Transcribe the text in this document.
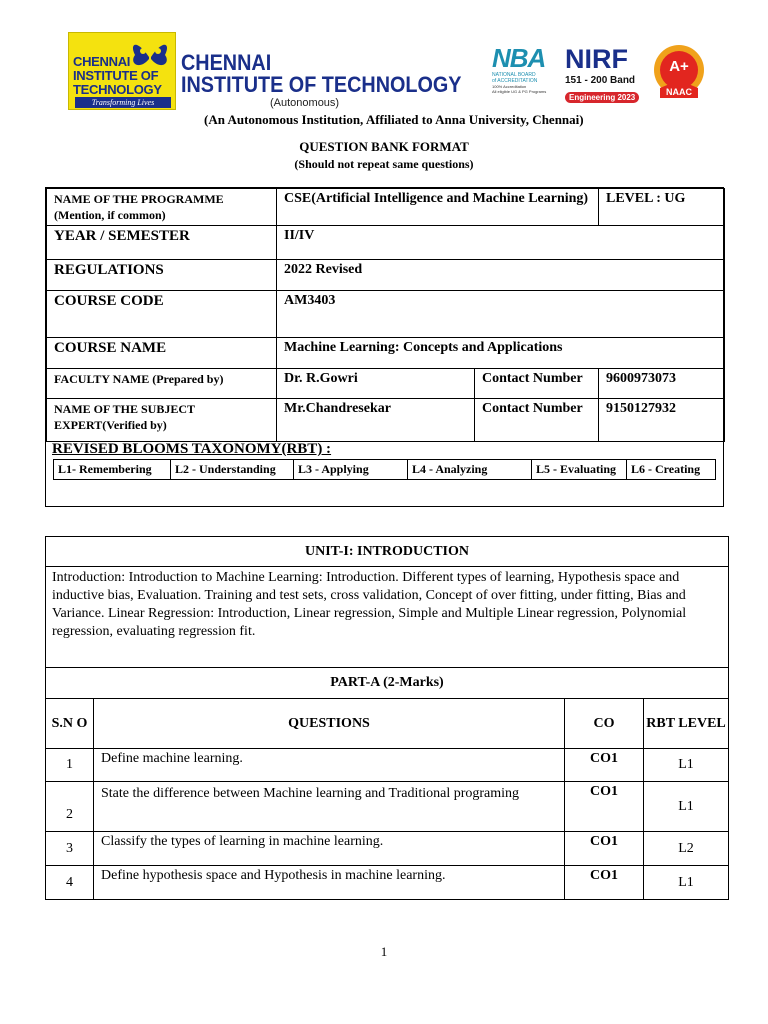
CHENNAI
INSTITUTE OF
TECHNOLOGY
Transforming Lives
CHENNAI
INSTITUTE OF TECHNOLOGY
(Autonomous)
(An Autonomous Institution, Affiliated to Anna University, Chennai)
NBA
NATIONAL BOARD
of ACCREDITATION
100% Accreditation
All eligible UG & PG Programs
NIRF
151 - 200 Band
Engineering 2023
A+
NAAC
QUESTION BANK FORMAT
(Should not repeat same questions)
NAME OF THE PROGRAMME
(Mention, if common)	CSE(Artificial Intelligence and Machine Learning)		LEVEL : UG
YEAR / SEMESTER	II/IV		
REGULATIONS	2022 Revised		
COURSE CODE	AM3403		
COURSE NAME	Machine Learning: Concepts and Applications		
FACULTY NAME (Prepared by)	Dr. R.Gowri	Contact Number	9600973073

NAME OF THE SUBJECT
EXPERT(Verified by)	Mr.Chandresekar	Contact Number	9150127932
REVISED BLOOMS TAXONOMY(RBT) :
L1- Remembering	L2 - Understanding	L3 - Applying	L4 - Analyzing	L5 - Evaluating	L6 - Creating
UNIT-I: INTRODUCTION			
Introduction: Introduction to Machine Learning: Introduction. Different types of learning, Hypothesis space and inductive bias, Evaluation. Training and test sets, cross validation, Concept of over fitting, under fitting, Bias and Variance. Linear Regression: Introduction, Linear regression, Simple and Multiple Linear regression, Polynomial regression, evaluating regression fit.			
PART-A (2-Marks)			
S.N O	QUESTIONS	CO	RBT LEVEL
1	Define machine learning.	CO1	L1
2	State the difference between Machine learning and Traditional programing	CO1	L1
3	Classify the types of learning in machine learning.	CO1	L2
4	Define hypothesis space and Hypothesis in machine learning.	CO1	L1
1
